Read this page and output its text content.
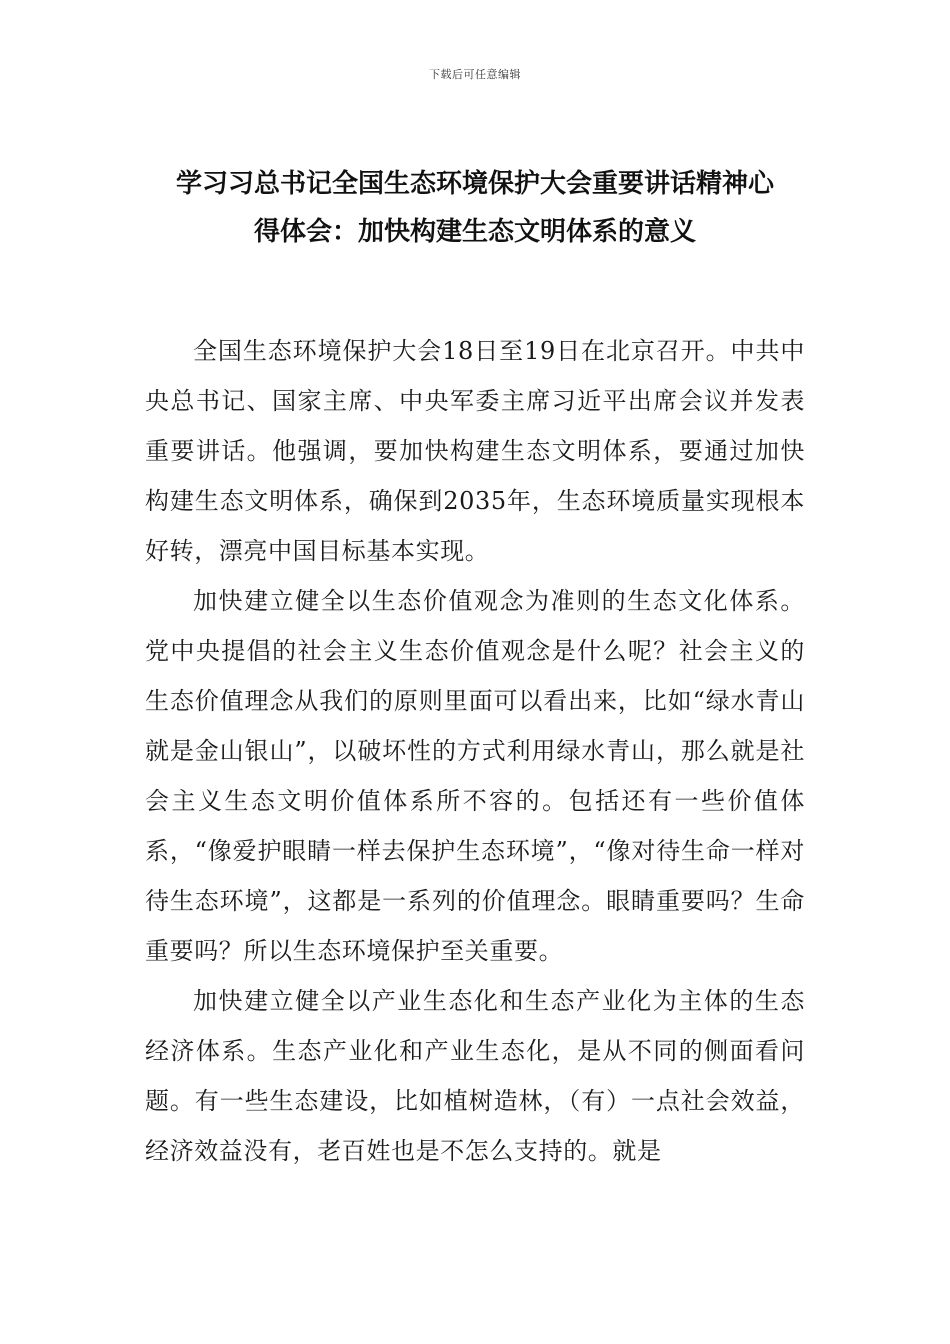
下载后可任意编辑
学习习总书记全国生态环境保护大会重要讲话精神心
得体会：加快构建生态文明体系的意义

全国生态环境保护大会18日至19日在北京召开。中共中央总书记、国家主席、中央军委主席习近平出席会议并发表重要讲话。他强调，要加快构建生态文明体系，要通过加快构建生态文明体系，确保到2035年，生态环境质量实现根本好转，漂亮中国目标基本实现。

加快建立健全以生态价值观念为准则的生态文化体系。党中央提倡的社会主义生态价值观念是什么呢？社会主义的生态价值理念从我们的原则里面可以看出来，比如“绿水青山就是金山银山”，以破坏性的方式利用绿水青山，那么就是社会主义生态文明价值体系所不容的。包括还有一些价值体系，“像爱护眼睛一样去保护生态环境”，“像对待生命一样对待生态环境”，这都是一系列的价值理念。眼睛重要吗？生命重要吗？所以生态环境保护至关重要。

加快建立健全以产业生态化和生态产业化为主体的生态经济体系。生态产业化和产业生态化，是从不同的侧面看问题。有一些生态建设，比如植树造林，（有）一点社会效益，经济效益没有，老百姓也是不怎么支持的。就是
